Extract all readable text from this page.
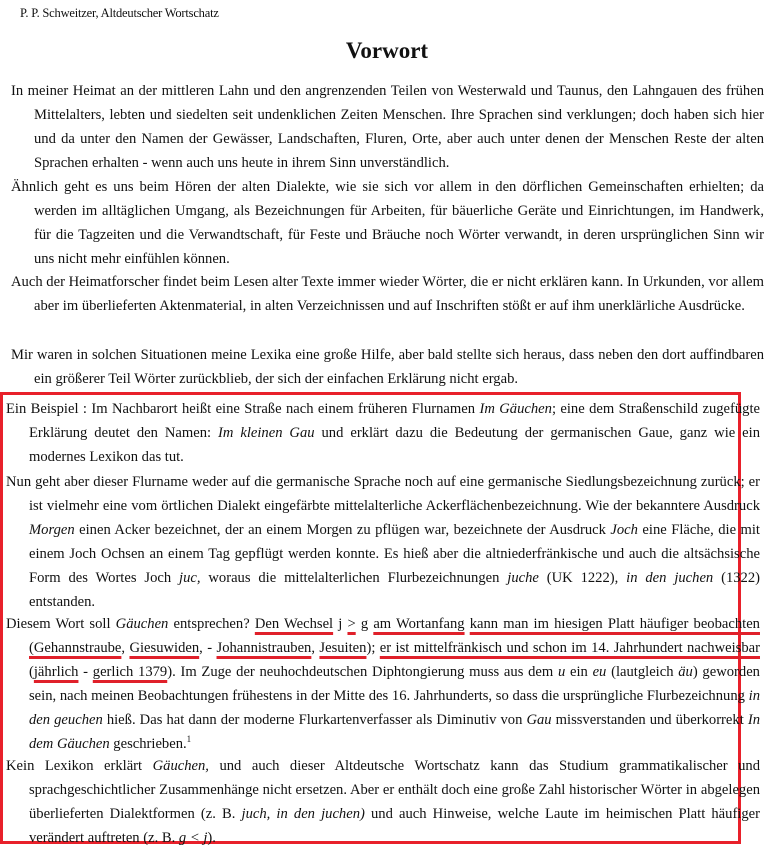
P. P. Schweitzer, Altdeutscher Wortschatz
Vorwort

In meiner Heimat an der mittleren Lahn und den angrenzenden Teilen von Westerwald und Taunus, den Lahngauen des frühen Mittelalters, lebten und siedelten seit undenklichen Zeiten Menschen. Ihre Sprachen sind verklungen; doch haben sich hier und da unter den Namen der Gewässer, Landschaften, Fluren, Orte, aber auch unter denen der Menschen Reste der alten Sprachen erhalten - wenn auch uns heute in ihrem Sinn unverständlich.

Ähnlich geht es uns beim Hören der alten Dialekte, wie sie sich vor allem in den dörflichen Gemeinschaften erhielten; da werden im alltäglichen Umgang, als Bezeichnungen für Arbeiten, für bäuerliche Geräte und Einrichtungen, im Handwerk, für die Tagzeiten und die Verwandtschaft, für Feste und Bräuche noch Wörter verwandt, in deren ursprünglichen Sinn wir uns nicht mehr einfühlen können.

Auch der Heimatforscher findet beim Lesen alter Texte immer wieder Wörter, die er nicht erklären kann. In Urkunden, vor allem aber im überlieferten Aktenmaterial, in alten Verzeichnissen und auf Inschriften stößt er auf ihm unerklärliche Ausdrücke.

Mir waren in solchen Situationen meine Lexika eine große Hilfe, aber bald stellte sich heraus, dass neben den dort auffindbaren ein größerer Teil Wörter zurückblieb, der sich der einfachen Erklärung nicht ergab.

Ein Beispiel : Im Nachbarort heißt eine Straße nach einem früheren Flurnamen Im Gäuchen; eine dem Straßenschild zugefügte Erklärung deutet den Namen: Im kleinen Gau und erklärt dazu die Bedeutung der germanischen Gaue, ganz wie ein modernes Lexikon das tut.

Nun geht aber dieser Flurname weder auf die germanische Sprache noch auf eine germanische Siedlungsbezeichnung zurück; er ist vielmehr eine vom örtlichen Dialekt eingefärbte mittelalterliche Ackerflächenbezeichnung. Wie der bekanntere Ausdruck Morgen einen Acker bezeichnet, der an einem Morgen zu pflügen war, bezeichnete der Ausdruck Joch eine Fläche, die mit einem Joch Ochsen an einem Tag gepflügt werden konnte. Es hieß aber die altniederfränkische und auch die altsächsische Form des Wortes Joch juc, woraus die mittelalterlichen Flurbezeichnungen juche (UK 1222), in den juchen (1322) entstanden.

Diesem Wort soll Gäuchen entsprechen? Den Wechsel j > g am Wortanfang kann man im hiesigen Platt häufiger beobachten (Gehannstraube, Giesuwiden, - Johannistrauben, Jesuiten); er ist mittelfränkisch und schon im 14. Jahrhundert nachweisbar (jährlich - gerlich 1379). Im Zuge der neuhochdeutschen Diphtongierung muss aus dem u ein eu (lautgleich äu) geworden sein, nach meinen Beobachtungen frühestens in der Mitte des 16. Jahrhunderts, so dass die ursprüngliche Flurbezeichnung in den geuchen hieß. Das hat dann der moderne Flurkartenverfasser als Diminutiv von Gau missverstanden und überkorrekt In dem Gäuchen geschrieben.$^1$

Kein Lexikon erklärt Gäuchen, und auch dieser Altdeutsche Wortschatz kann das Studium grammatikalischer und sprachgeschichtlicher Zusammenhänge nicht ersetzen. Aber er enthält doch eine große Zahl historischer Wörter in abgelegen überlieferten Dialektformen (z. B. juch, in den juchen) und auch Hinweise, welche Laute im heimischen Platt häufiger verändert auftreten (z. B. g < j).
